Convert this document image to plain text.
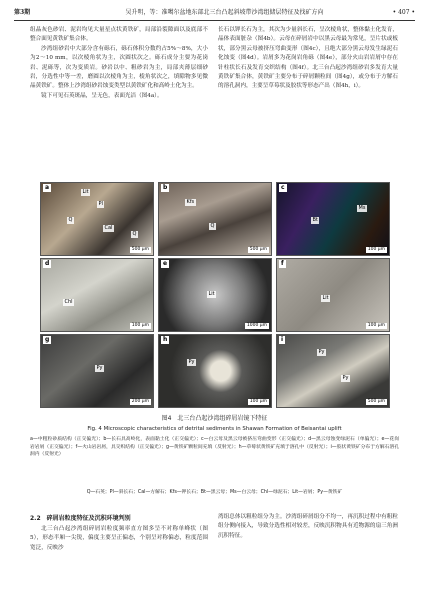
第3期	吴升明，等：准噶尔盆地东部北三台凸起斜坡带沙湾组储层特征及找矿方向	• 407 •

组晶灰色砂岩、泥岩均见大量星点状黄铁矿，局部沿裂隙面以及底部不整合面见黄铁矿集合体。

沙湾组砂岩中大部分含有砾石，砾石体积分数约占5%～8%，大小为2～10 mm，以次棱角状为主，次圆状次之。砾石成分主要为花岗岩、泥砾等，次为变质岩。砂岩以中、粗砂岩为主，局部夹薄层细砂岩，分选性中等一差，磨圆以次棱角为主，棱角状次之，填隙物多见微晶黄铁矿。整体上沙湾组砂岩蚀变类型以黄铁矿化和高岭土化为主。

镜下可见石英斑晶，呈无色，表面光洁（图4a）。

长石以钾长石为主，其次为少量斜长石，呈次棱角状，整体黏土化发育，晶体表面脏杂（图4b）。云母在碎屑岩中以黑云母最为常见，呈片状或板状，部分黑云母被挤压弯曲变形（图4c），且绝大部分黑云母发生绿泥石化蚀变（图4d）。岩屑多为花岗岩角砾（图4e），部分火山岩岩屑中存在针柱状长石及发育交织结构（图4f）。北三台凸起沙湾组砂岩多发育大量黄铁矿集合体，黄铁矿主要分布于碎屑颗粒间（图4g），或分布于方解石的溶孔洞内，主要呈草莓状及胶状等形态产出（图4h，i）。

a
Lit
Pl
Q
Cal
Q
500 μm
b
Kfs
Q
500 μm
c
Bt
Ms
100 μm
d
Chl
100 μm
e
Lit
1000 μm
f
Lit
100 μm
g
Py
200 μm
h
Py
100 μm
i
Py
Py
500 μm
图4　北三台凸起沙湾组碎屑岩镜下特征
Fig. 4 Microscopic characteristics of detrital sediments in Shawan Formation of Beisantai uplift
a—中粗粒砂质结构（正交偏光）；b—长石具高岭化，表面黏土化（正交偏光）；c—白云母及黑云母被挤压弯曲变形（正交偏光）；d—黑云母蚀变绿泥石（单偏光）；e—花岗岩岩屑（正交偏光）；f—火山岩岩屑，具交织结构（正交偏光）；g—黄铁矿颗粒间充填（反射光）；h—草莓状黄铁矿充填于溶孔中（反射光）；i—胶状黄铁矿分布于方解石溶孔洞内（反射光）
Q—石英；Pl—斜长石；Cal—方解石；Kfs—钾长石；Bt—黑云母；Ms—白云母；Chl—绿泥石；Lit—岩屑；Py—黄铁矿
2.2　碎屑岩粒度特征及沉积环境判别

北三台凸起沙湾组碎屑岩粒度频率直方图多呈不对称单峰状（图5），形态半厢一尖锐，偏度主要呈正偏态，个别呈对称偏态，粒度范围宽泛，反映沙

湾组总体以粗粒组分为主。沙湾组碎屑组分不均一，再沉积过程中有粗粒组分侧向接入，导致分选性相对较差，反映沉积物具有近物源的扇三角洲沉积特征。
